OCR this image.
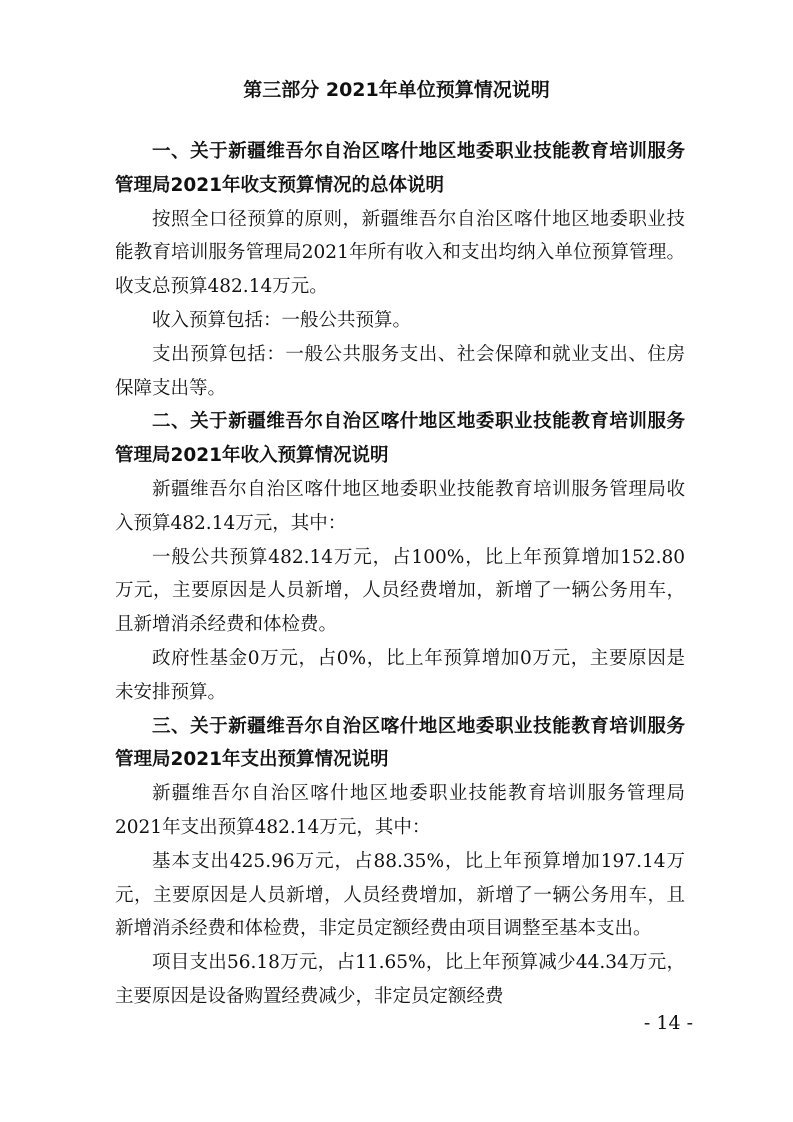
第三部分 2021年单位预算情况说明

一、关于新疆维吾尔自治区喀什地区地委职业技能教育培训服务管理局2021年收支预算情况的总体说明

按照全口径预算的原则，新疆维吾尔自治区喀什地区地委职业技能教育培训服务管理局2021年所有收入和支出均纳入单位预算管理。收支总预算482.14万元。

收入预算包括：一般公共预算。

支出预算包括：一般公共服务支出、社会保障和就业支出、住房保障支出等。

二、关于新疆维吾尔自治区喀什地区地委职业技能教育培训服务管理局2021年收入预算情况说明

新疆维吾尔自治区喀什地区地委职业技能教育培训服务管理局收入预算482.14万元，其中：

一般公共预算482.14万元，占100%，比上年预算增加152.80万元，主要原因是人员新增，人员经费增加，新增了一辆公务用车，且新增消杀经费和体检费。

政府性基金0万元，占0%，比上年预算增加0万元，主要原因是未安排预算。

三、关于新疆维吾尔自治区喀什地区地委职业技能教育培训服务管理局2021年支出预算情况说明

新疆维吾尔自治区喀什地区地委职业技能教育培训服务管理局2021年支出预算482.14万元，其中：

基本支出425.96万元，占88.35%，比上年预算增加197.14万元，主要原因是人员新增，人员经费增加，新增了一辆公务用车，且新增消杀经费和体检费，非定员定额经费由项目调整至基本支出。

项目支出56.18万元，占11.65%，比上年预算减少44.34万元，主要原因是设备购置经费减少，非定员定额经费

- 14 -
